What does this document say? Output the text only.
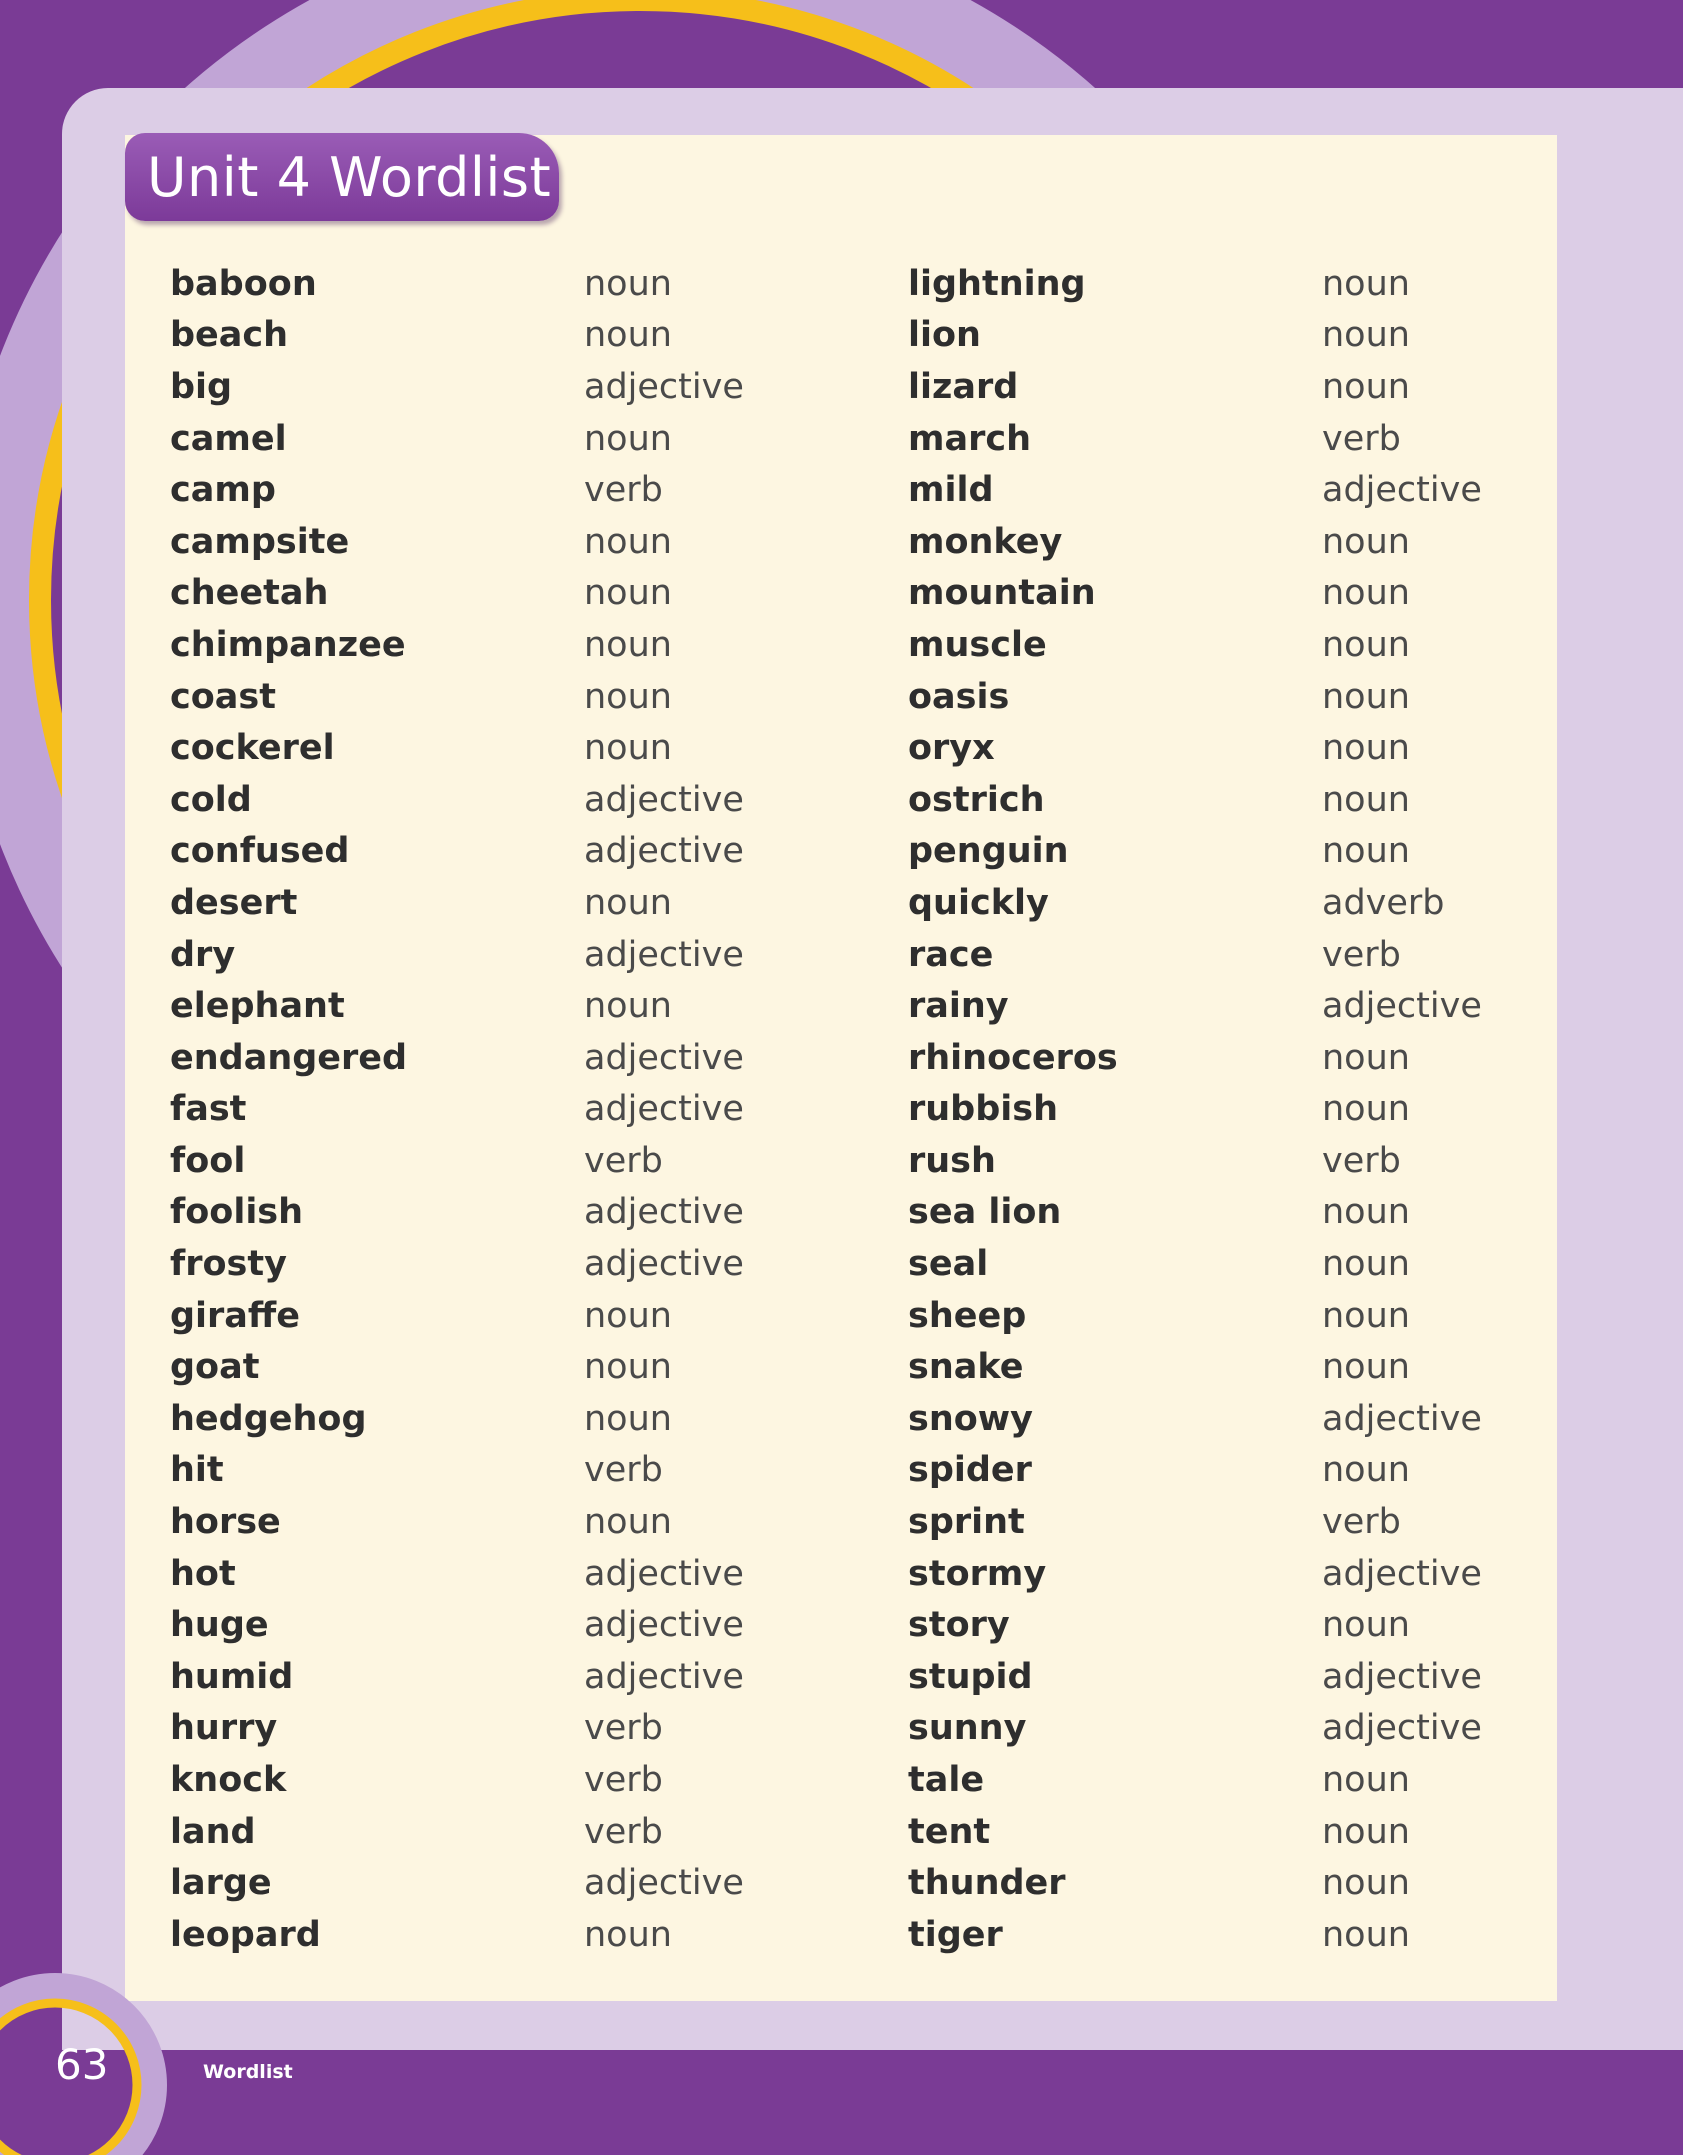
Unit 4 Wordlist
baboon	noun
beach	noun
big	adjective
camel	noun
camp	verb
campsite	noun
cheetah	noun
chimpanzee	noun
coast	noun
cockerel	noun
cold	adjective
confused	adjective
desert	noun
dry	adjective
elephant	noun
endangered	adjective
fast	adjective
fool	verb
foolish	adjective
frosty	adjective
giraffe	noun
goat	noun
hedgehog	noun
hit	verb
horse	noun
hot	adjective
huge	adjective
humid	adjective
hurry	verb
knock	verb
land	verb
large	adjective
leopard	noun
lightning	noun
lion	noun
lizard	noun
march	verb
mild	adjective
monkey	noun
mountain	noun
muscle	noun
oasis	noun
oryx	noun
ostrich	noun
penguin	noun
quickly	adverb
race	verb
rainy	adjective
rhinoceros	noun
rubbish	noun
rush	verb
sea lion	noun
seal	noun
sheep	noun
snake	noun
snowy	adjective
spider	noun
sprint	verb
stormy	adjective
story	noun
stupid	adjective
sunny	adjective
tale	noun
tent	noun
thunder	noun
tiger	noun
63	Wordlist
